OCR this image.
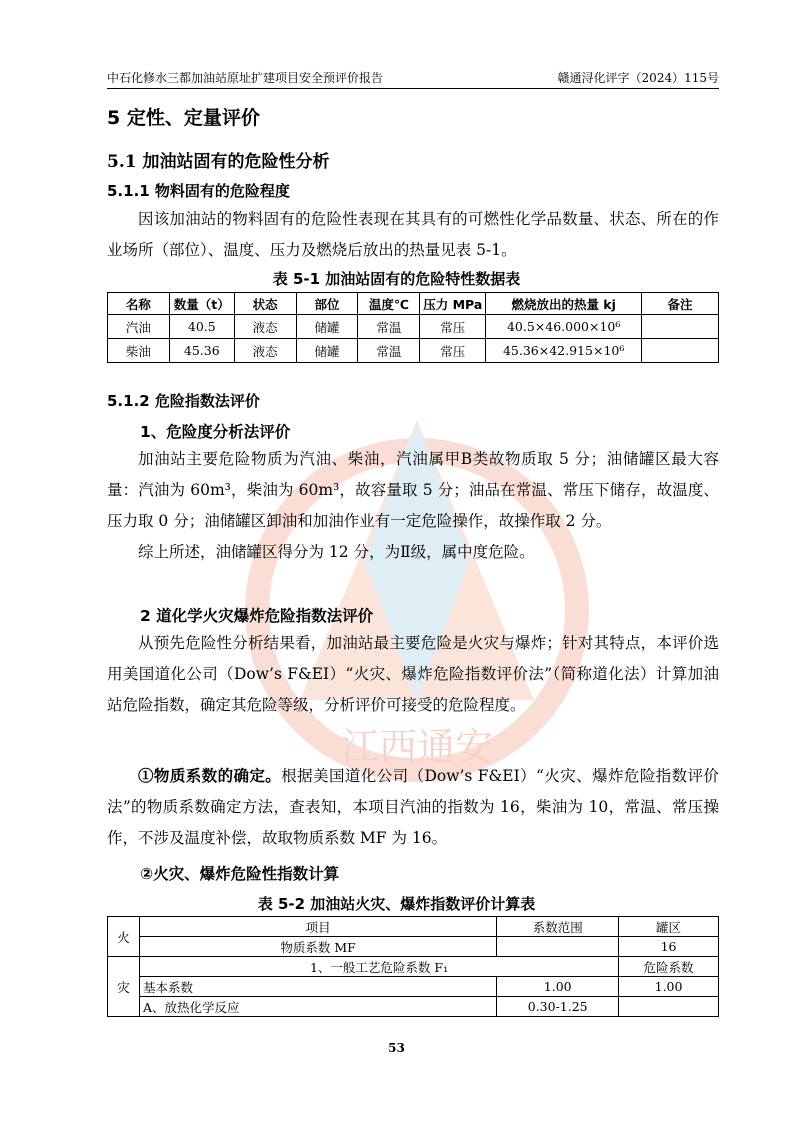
江西通安
中石化修水三都加油站原址扩建项目安全预评价报告	赣通浔化评字（2024）115号
5 定性、定量评价
5.1 加油站固有的危险性分析
5.1.1 物料固有的危险程度

因该加油站的物料固有的危险性表现在其具有的可燃性化学品数量、状态、所在的作业场所（部位）、温度、压力及燃烧后放出的热量见表 5-1。

表 5-1 加油站固有的危险特性数据表
名称	数量（t）	状态	部位	温度℃	压力 MPa	燃烧放出的热量 kj	备注
汽油	40.5	液态	储罐	常温	常压	40.5×46.000×10⁶	
柴油	45.36	液态	储罐	常温	常压	45.36×42.915×10⁶	
5.1.2 危险指数法评价
1、危险度分析法评价

加油站主要危险物质为汽油、柴油，汽油属甲B类故物质取 5 分；油储罐区最大容量：汽油为 60m³，柴油为 60m³，故容量取 5 分；油品在常温、常压下储存，故温度、压力取 0 分；油储罐区卸油和加油作业有一定危险操作，故操作取 2 分。

综上所述，油储罐区得分为 12 分，为Ⅱ级，属中度危险。

2 道化学火灾爆炸危险指数法评价

从预先危险性分析结果看，加油站最主要危险是火灾与爆炸；针对其特点，本评价选用美国道化公司（Dow’s F&EI）“火灾、爆炸危险指数评价法”（简称道化法）计算加油站危险指数，确定其危险等级，分析评价可接受的危险程度。

①物质系数的确定。根据美国道化公司（Dow’s F&EI）“火灾、爆炸危险指数评价法”的物质系数确定方法，查表知，本项目汽油的指数为 16，柴油为 10，常温、常压操作，不涉及温度补偿，故取物质系数 MF 为 16。

②火灾、爆炸危险性指数计算
表 5-2 加油站火灾、爆炸指数评价计算表
火	项目	系数范围	罐区
	物质系数 MF		16
灾	1、一般工艺危险系数 F₁		危险系数
	基本系数	1.00	1.00
	A、放热化学反应	0.30-1.25	
53
